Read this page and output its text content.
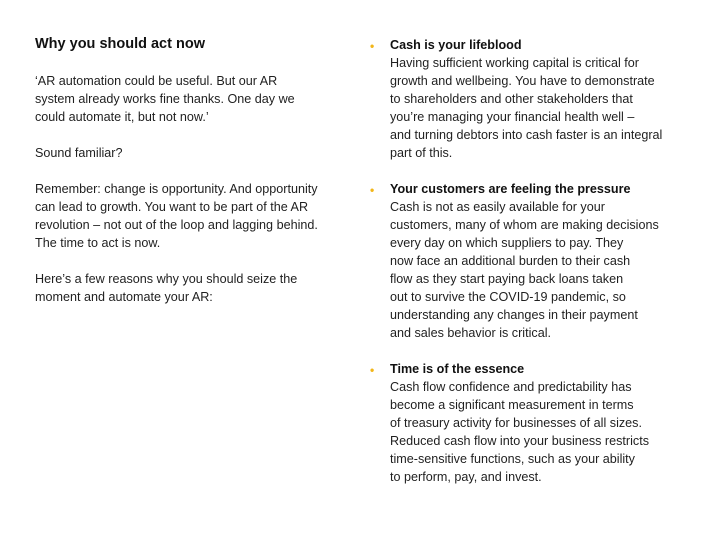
Why you should act now

‘AR automation could be useful. But our AR
system already works fine thanks. One day we
could automate it, but not now.’

Sound familiar?

Remember: change is opportunity. And opportunity
can lead to growth. You want to be part of the AR
revolution – not out of the loop and lagging behind.
The time to act is now.

Here’s a few reasons why you should seize the
moment and automate your AR:

• Cash is your lifeblood

Having sufficient working capital is critical for
growth and wellbeing. You have to demonstrate
to shareholders and other stakeholders that
you’re managing your financial health well –
and turning debtors into cash faster is an integral
part of this.

• Your customers are feeling the pressure

Cash is not as easily available for your
customers, many of whom are making decisions
every day on which suppliers to pay. They
now face an additional burden to their cash
flow as they start paying back loans taken
out to survive the COVID-19 pandemic, so
understanding any changes in their payment
and sales behavior is critical.

• Time is of the essence

Cash flow confidence and predictability has
become a significant measurement in terms
of treasury activity for businesses of all sizes.
Reduced cash flow into your business restricts
time-sensitive functions, such as your ability
to perform, pay, and invest.
